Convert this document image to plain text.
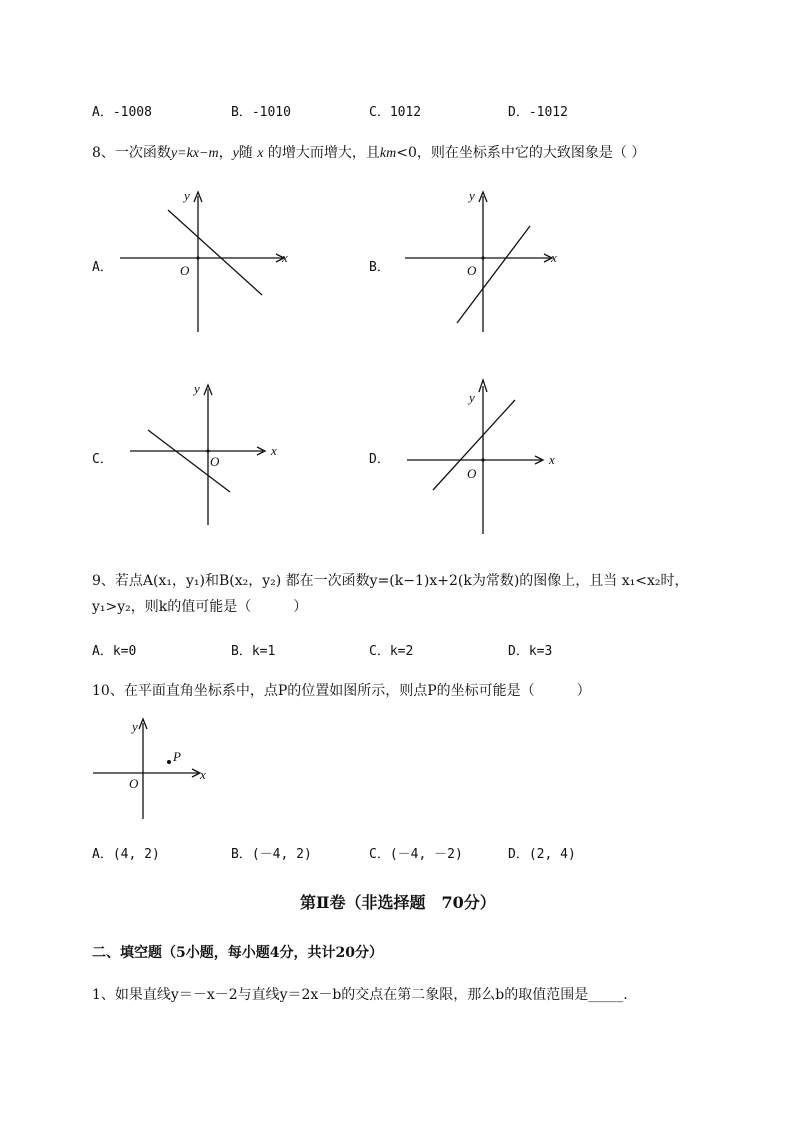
A．-1008	B．-1010	C．1012	D．-1012
8、一次函数y=kx−m，y随 x 的增大而增大，且km<0，则在坐标系中它的大致图象是（ ）
A．	B．
C．	D．
x
y
O
x
y
O
x
y
O	x
y
O
9、若点A(x₁，y₁)和B(x₂，y₂) 都在一次函数y=(k−1)x+2(k为常数)的图像上，且当 x₁<x₂时，
y₁>y₂，则k的值可能是（　　　）
A．k=0	B．k=1	C．k=2	D．k=3
10、在平面直角坐标系中，点P的位置如图所示，则点P的坐标可能是（　　　）
P
x
y
O
A．(4, 2)	B．(－4, 2)	C．(－4, －2)	D．(2, 4)
第Ⅱ卷（非选择题　70分）
二、填空题（5小题，每小题4分，共计20分）
1、如果直线y＝－x－2与直线y＝2x－b的交点在第二象限，那么b的取值范围是_____.
